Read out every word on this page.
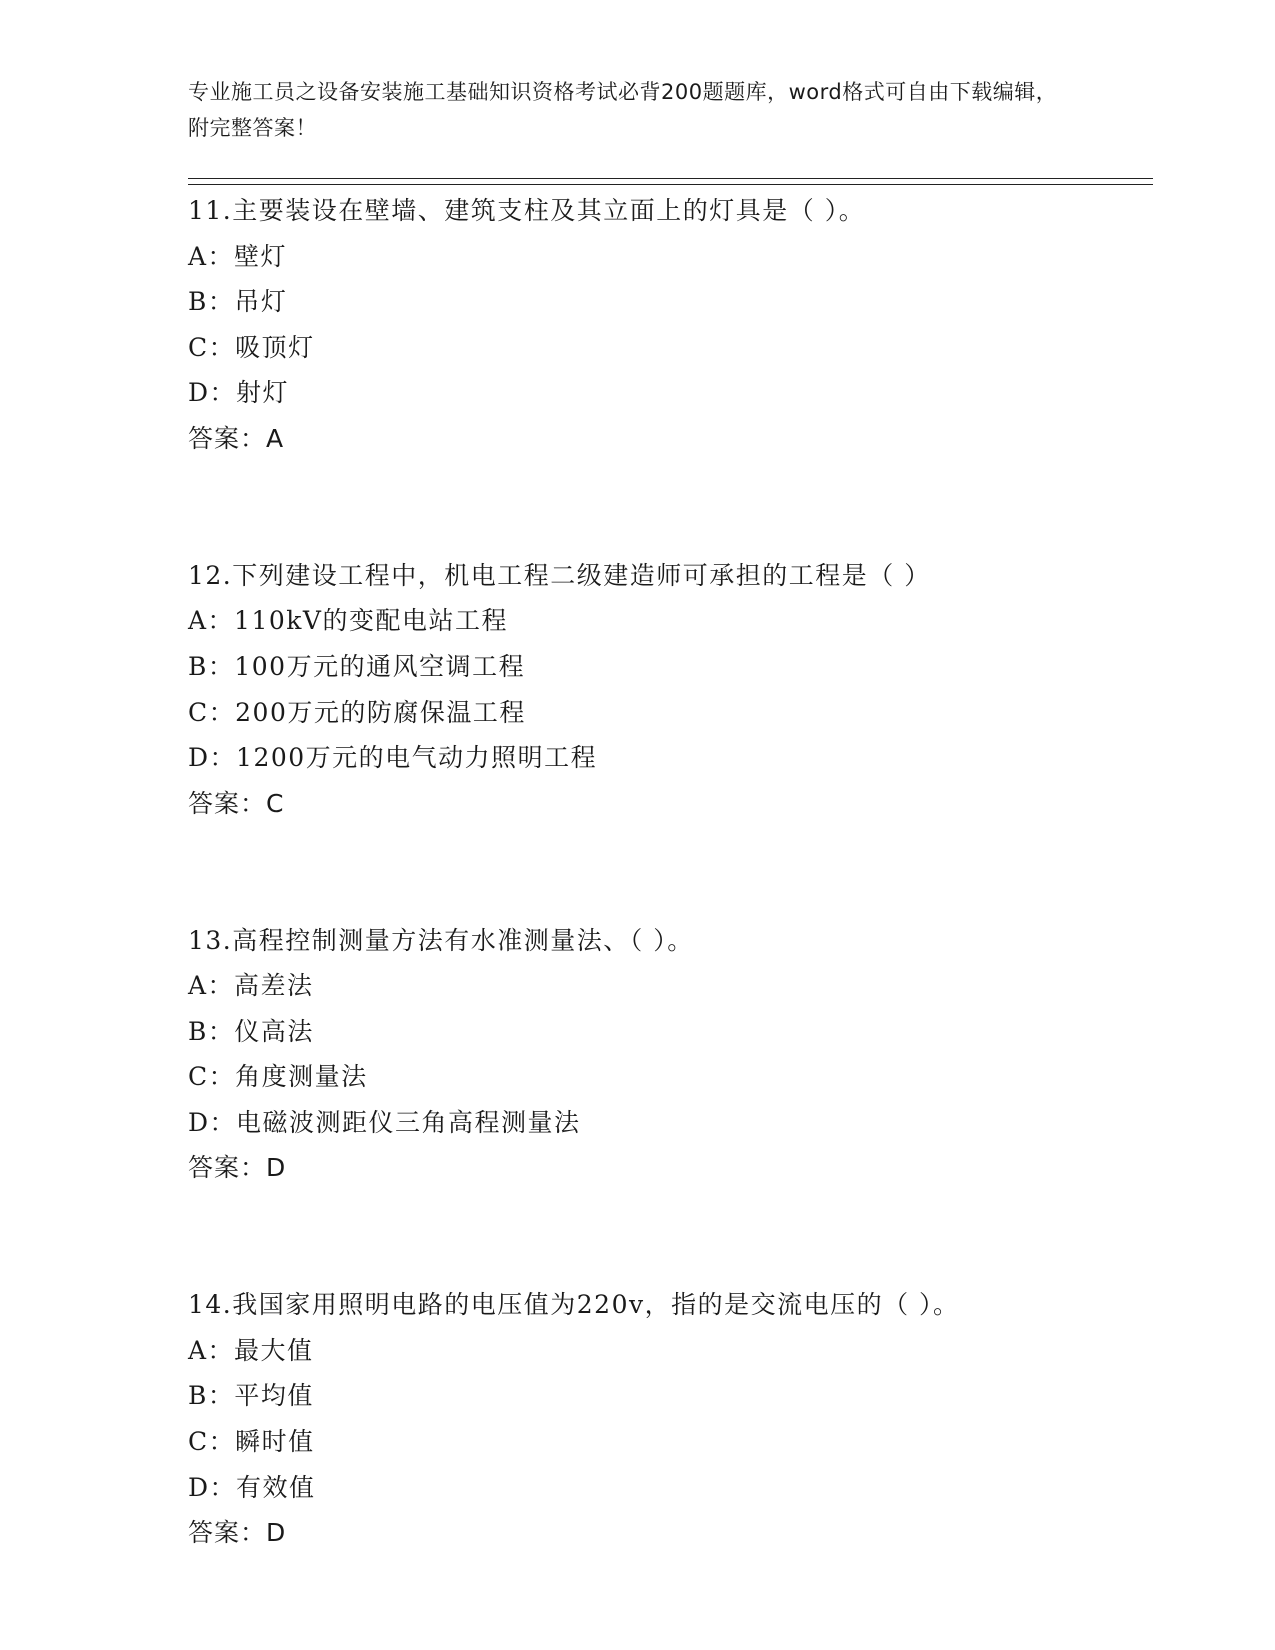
专业施工员之设备安装施工基础知识资格考试必背200题题库，word格式可自由下载编辑，附完整答案！
11.主要装设在壁墙、建筑支柱及其立面上的灯具是（ ）。
A：壁灯
B：吊灯
C：吸顶灯
D：射灯
答案：A
12.下列建设工程中，机电工程二级建造师可承担的工程是（ ）
A：110kV的变配电站工程
B：100万元的通风空调工程
C：200万元的防腐保温工程
D：1200万元的电气动力照明工程
答案：C
13.高程控制测量方法有水准测量法、（ ）。
A：高差法
B：仪高法
C：角度测量法
D：电磁波测距仪三角高程测量法
答案：D
14.我国家用照明电路的电压值为220v，指的是交流电压的（ ）。
A：最大值
B：平均值
C：瞬时值
D：有效值
答案：D
